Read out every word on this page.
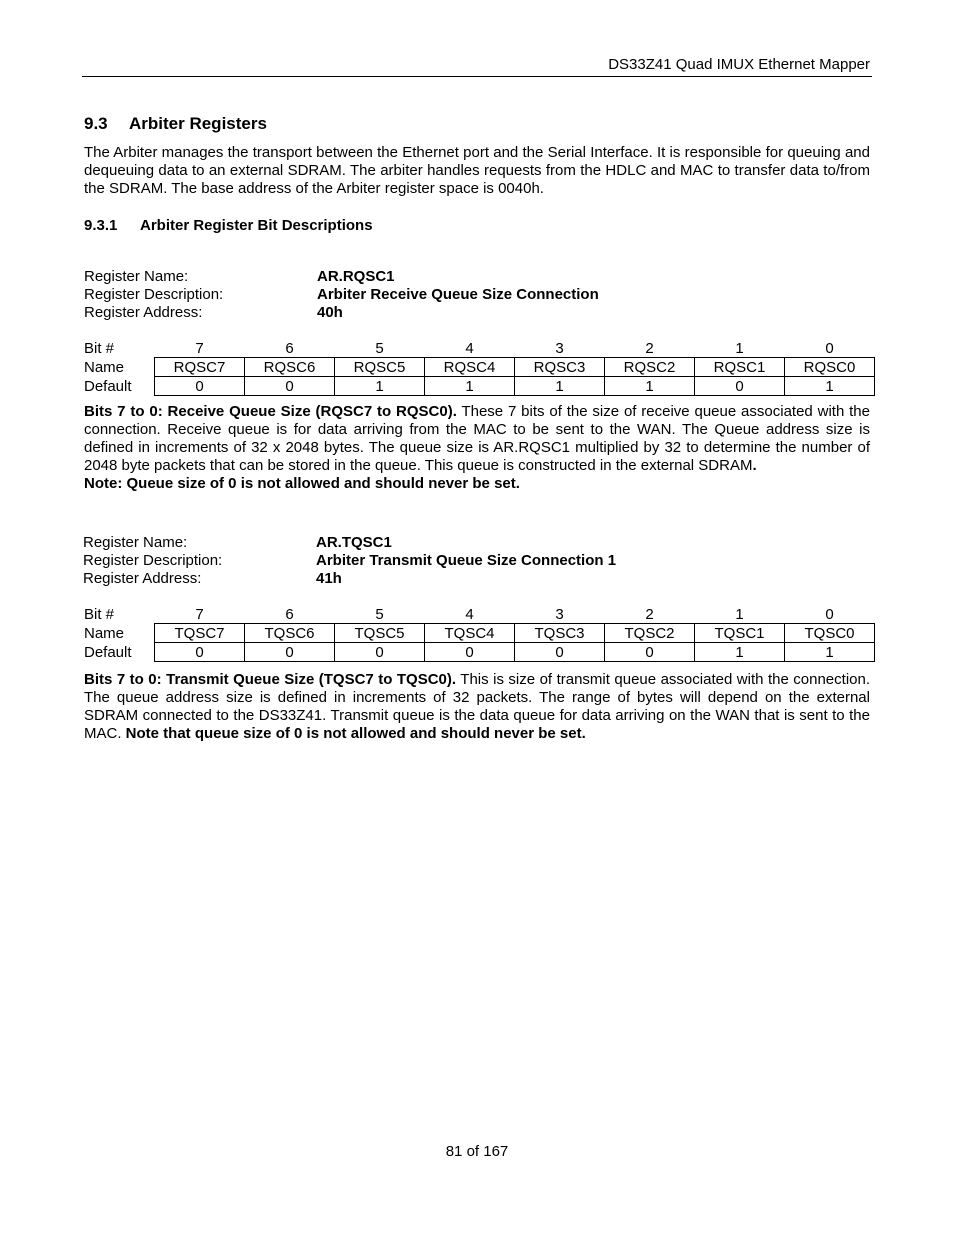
DS33Z41 Quad IMUX Ethernet Mapper
9.3 Arbiter Registers

The Arbiter manages the transport between the Ethernet port and the Serial Interface. It is responsible for queuing and dequeuing data to an external SDRAM. The arbiter handles requests from the HDLC and MAC to transfer data to/from the SDRAM. The base address of the Arbiter register space is 0040h.

9.3.1 Arbiter Register Bit Descriptions
Register Name:	AR.RQSC1
Register Description:	Arbiter Receive Queue Size Connection
Register Address:	40h
Bit #	7	6	5	4	3	2	1	0
Name	RQSC7	RQSC6	RQSC5	RQSC4	RQSC3	RQSC2	RQSC1	RQSC0
Default	0	0	1	1	1	1	0	1

Bits 7 to 0: Receive Queue Size (RQSC7 to RQSC0). These 7 bits of the size of receive queue associated with the connection. Receive queue is for data arriving from the MAC to be sent to the WAN. The Queue address size is defined in increments of 32 x 2048 bytes. The queue size is AR.RQSC1 multiplied by 32 to determine the number of 2048 byte packets that can be stored in the queue. This queue is constructed in the external SDRAM.
Note: Queue size of 0 is not allowed and should never be set.

Register Name:	AR.TQSC1
Register Description:	Arbiter Transmit Queue Size Connection 1
Register Address:	41h
Bit #	7	6	5	4	3	2	1	0
Name	TQSC7	TQSC6	TQSC5	TQSC4	TQSC3	TQSC2	TQSC1	TQSC0
Default	0	0	0	0	0	0	1	1

Bits 7 to 0: Transmit Queue Size (TQSC7 to TQSC0). This is size of transmit queue associated with the connection. The queue address size is defined in increments of 32 packets. The range of bytes will depend on the external SDRAM connected to the DS33Z41. Transmit queue is the data queue for data arriving on the WAN that is sent to the MAC. Note that queue size of 0 is not allowed and should never be set.

81 of 167
